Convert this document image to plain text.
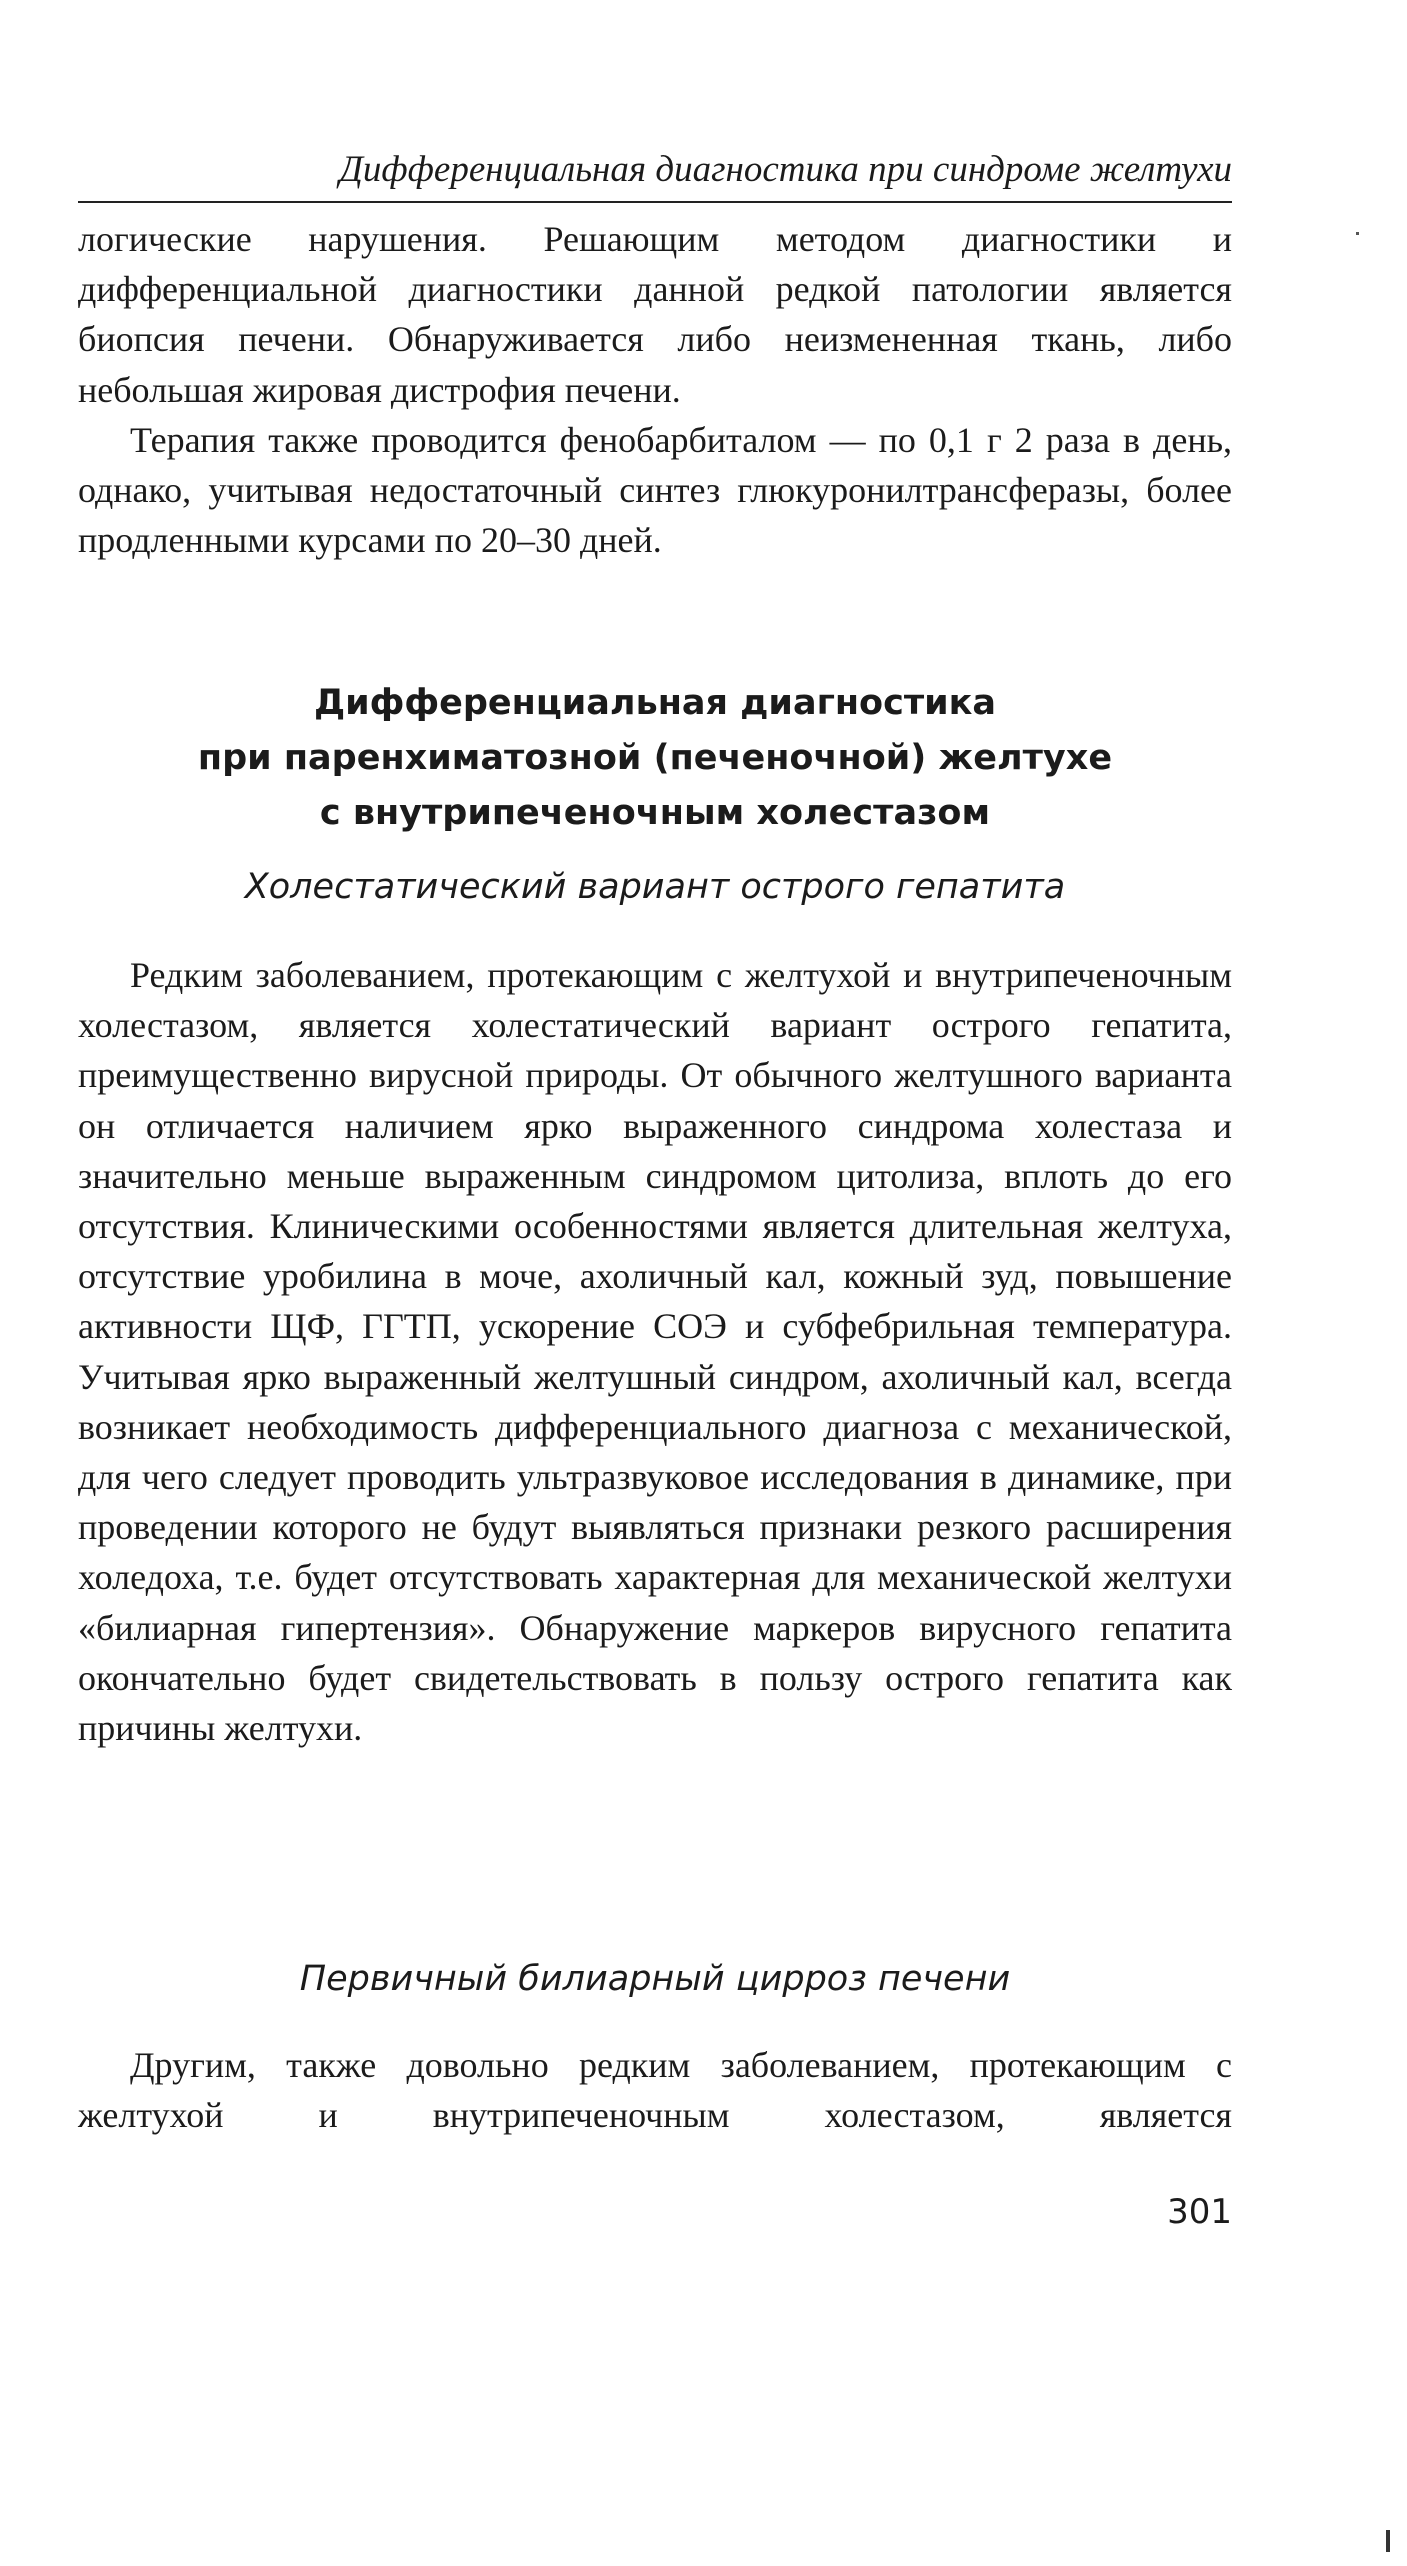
Дифференциальная диагностика при синдроме желтухи

логические нарушения. Решающим методом диагностики и дифференциальной диагностики данной редкой патологии является биопсия печени. Обнаруживается либо неизмененная ткань, либо небольшая жировая дистрофия печени.

Терапия также проводится фенобарбиталом — по 0,1 г 2 раза в день, однако, учитывая недостаточный синтез глюкуронилтрансферазы, более продленными курсами по 20–30 дней.

Дифференциальная диагностика
при паренхиматозной (печеночной) желтухе
с внутрипеченочным холестазом
Холестатический вариант острого гепатита

Редким заболеванием, протекающим с желтухой и внутрипеченочным холестазом, является холестатический вариант острого гепатита, преимущественно вирусной природы. От обычного желтушного варианта он отличается наличием ярко выраженного синдрома холестаза и значительно меньше выраженным синдромом цитолиза, вплоть до его отсутствия. Клиническими особенностями является длительная желтуха, отсутствие уробилина в моче, ахоличный кал, кожный зуд, повышение активности ЩФ, ГГТП, ускорение СОЭ и субфебрильная температура. Учитывая ярко выраженный желтушный синдром, ахоличный кал, всегда возникает необходимость дифференциального диагноза с механической, для чего следует проводить ультразвуковое исследования в динамике, при проведении которого не будут выявляться признаки резкого расширения холедоха, т.е. будет отсутствовать характерная для механической желтухи «билиарная гипертензия». Обнаружение маркеров вирусного гепатита окончательно будет свидетельствовать в пользу острого гепатита как причины желтухи.

Первичный билиарный цирроз печени

Другим, также довольно редким заболеванием, протекающим с желтухой и внутрипеченочным холестазом, является

301
